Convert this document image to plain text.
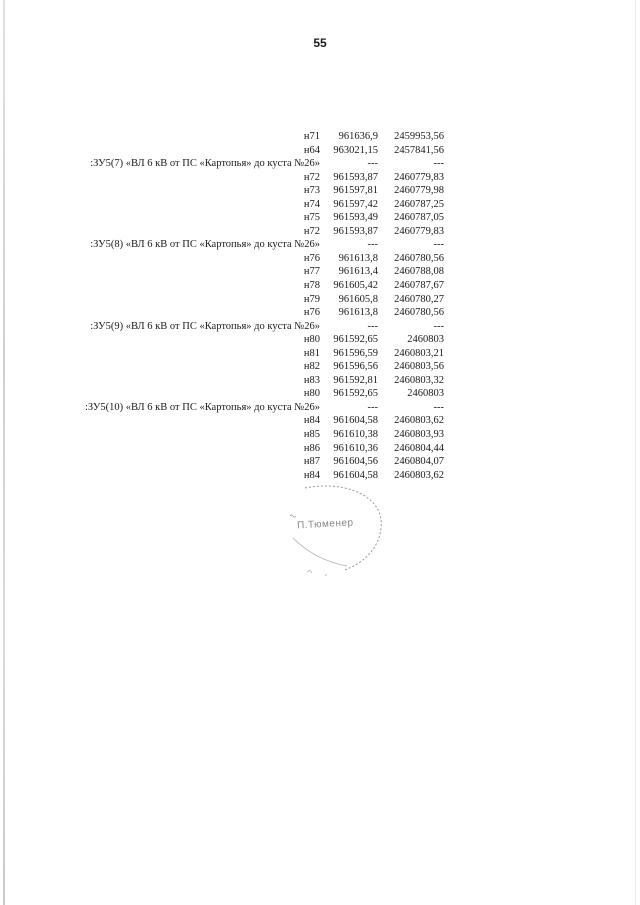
55
н71	961636,9	2459953,56
н64	963021,15	2457841,56
:ЗУ5(7) «ВЛ 6 кВ от ПС «Картопья» до куста №26»	---	---
н72	961593,87	2460779,83
н73	961597,81	2460779,98
н74	961597,42	2460787,25
н75	961593,49	2460787,05
н72	961593,87	2460779,83
:ЗУ5(8) «ВЛ 6 кВ от ПС «Картопья» до куста №26»	---	---
н76	961613,8	2460780,56
н77	961613,4	2460788,08
н78	961605,42	2460787,67
н79	961605,8	2460780,27
н76	961613,8	2460780,56
:ЗУ5(9) «ВЛ 6 кВ от ПС «Картопья» до куста №26»	---	---
н80	961592,65	2460803
н81	961596,59	2460803,21
н82	961596,56	2460803,56
н83	961592,81	2460803,32
н80	961592,65	2460803
:ЗУ5(10) «ВЛ 6 кВ от ПС «Картопья» до куста №26»	---	---
н84	961604,58	2460803,62
н85	961610,38	2460803,93
н86	961610,36	2460804,44
н87	961604,56	2460804,07
н84	961604,58	2460803,62
П.Тюменер
